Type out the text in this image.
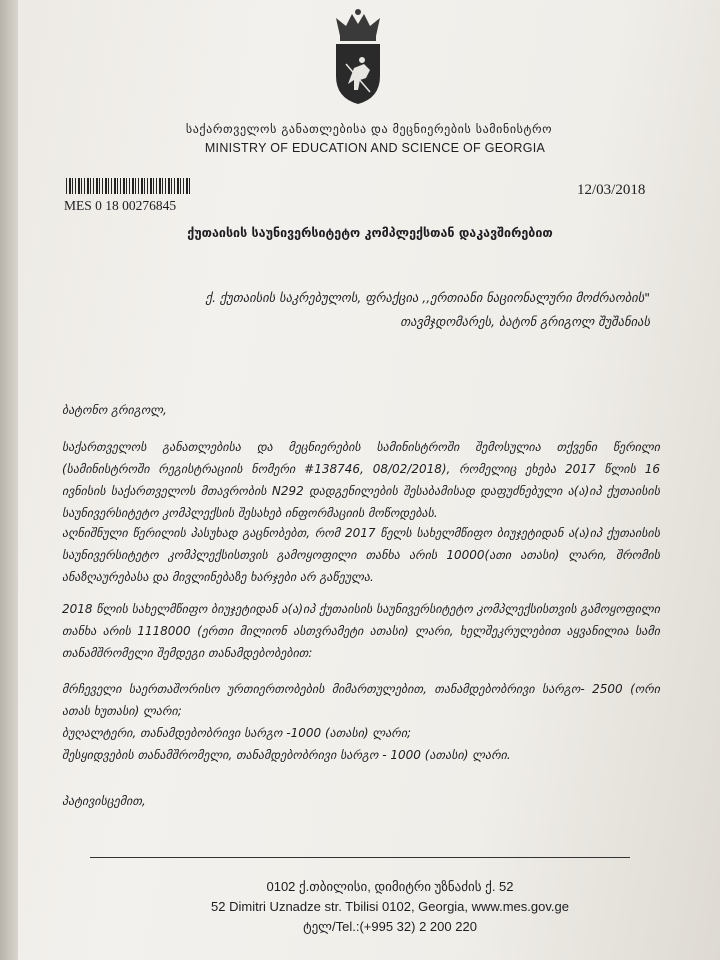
საქართველოს განათლებისა და მეცნიერების სამინისტრო
MINISTRY OF EDUCATION AND SCIENCE OF GEORGIA
MES 0 18 00276845
12/03/2018
ქუთაისის საუნივერსიტეტო კომპლექსთან დაკავშირებით
ქ. ქუთაისის საკრებულოს, ფრაქცია ,,ერთიანი ნაციონალური მოძრაობის"
თავმჯდომარეს, ბატონ გრიგოლ შუშანიას
ბატონო გრიგოლ,
საქართველოს განათლებისა და მეცნიერების სამინისტროში შემოსულია თქვენი წერილი (სამინისტროში რეგისტრაციის ნომერი #138746, 08/02/2018), რომელიც ეხება 2017 წლის 16 ივნისის საქართველოს მთავრობის N292 დადგენილების შესაბამისად დაფუძნებული ა(ა)იპ ქუთაისის საუნივერსიტეტო კომპლექსის შესახებ ინფორმაციის მოწოდებას.
აღნიშნული წერილის პასუხად გაცნობებთ, რომ 2017 წელს სახელმწიფო ბიუჯეტიდან ა(ა)იპ ქუთაისის საუნივერსიტეტო კომპლექსისთვის გამოყოფილი თანხა არის 10000(ათი ათასი) ლარი, შრომის ანაზღაურებასა და მივლინებაზე ხარჯები არ გაწეულა.
2018 წლის სახელმწიფო ბიუჯეტიდან ა(ა)იპ ქუთაისის საუნივერსიტეტო კომპლექსისთვის გამოყოფილი თანხა არის 1118000 (ერთი მილიონ ასთვრამეტი ათასი) ლარი, ხელშეკრულებით აყვანილია სამი თანამშრომელი შემდეგი თანამდებობებით:
მრჩეველი საერთაშორისო ურთიერთობების მიმართულებით, თანამდებობრივი სარგო- 2500 (ორი ათას ხუთასი) ლარი;
ბუღალტერი, თანამდებობრივი სარგო -1000 (ათასი) ლარი;
შესყიდვების თანამშრომელი, თანამდებობრივი სარგო - 1000 (ათასი) ლარი.
პატივისცემით,
0102 ქ.თბილისი, დიმიტრი უზნაძის ქ. 52
52 Dimitri Uznadze str. Tbilisi 0102, Georgia, www.mes.gov.ge
ტელ/Tel.:(+995 32) 2 200 220
